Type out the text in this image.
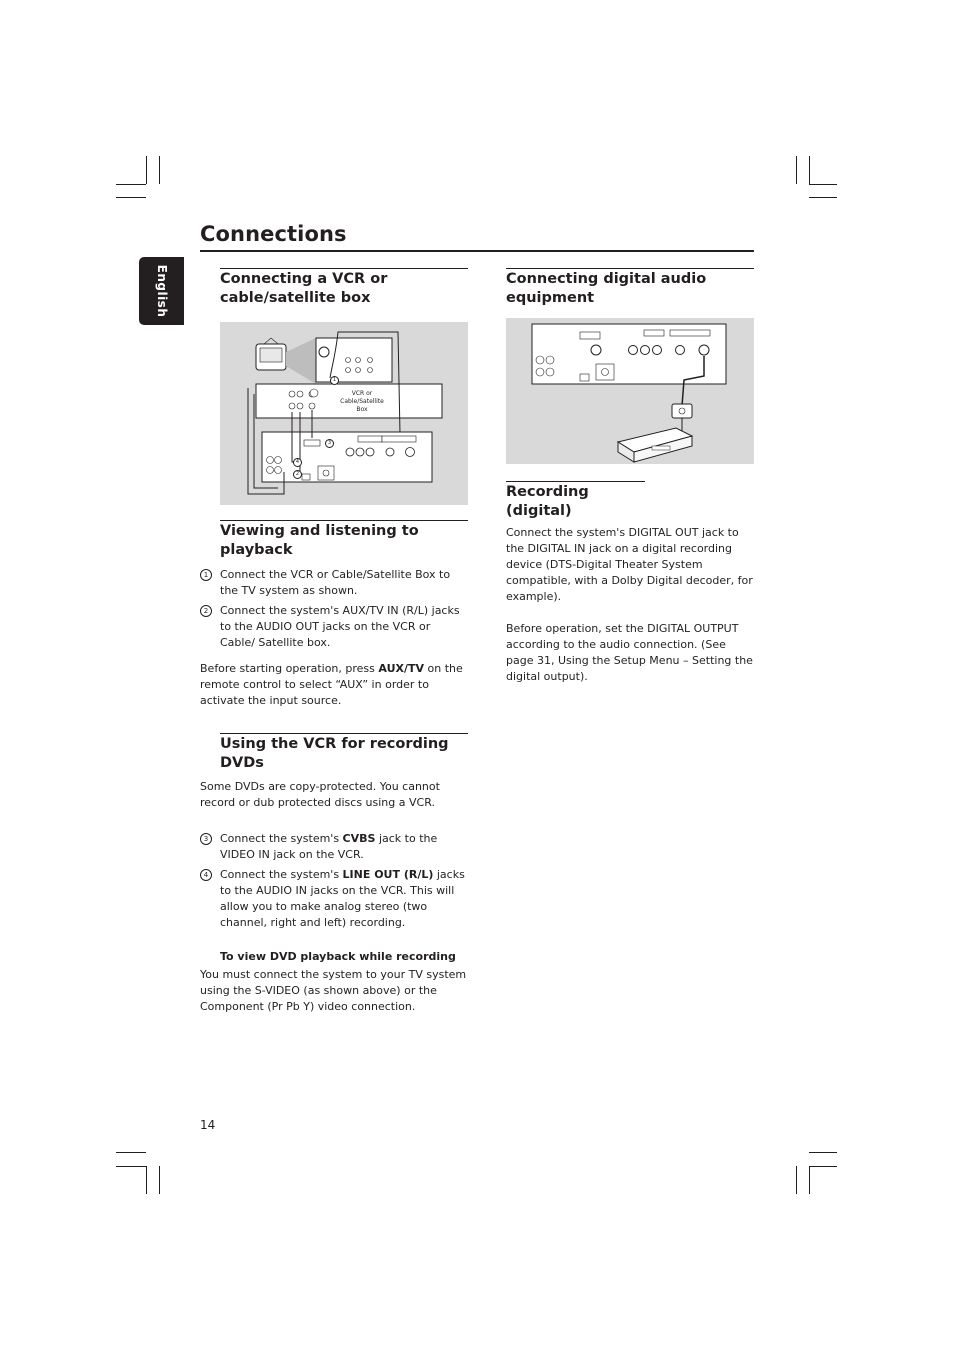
Connections
English	Connecting a VCR or cable/satellite box
VCR or Cable/Satellite Box
1
2
3
4
Viewing and listening to playback

1	Connect the VCR or Cable/Satellite Box to the TV system as shown.

2	Connect the system's AUX/TV IN (R/L) jacks to the AUDIO OUT jacks on the VCR or Cable/ Satellite box.

Before starting operation, press AUX/TV on the remote control to select “AUX” in order to activate the input source.

Using the VCR for recording DVDs

Some DVDs are copy-protected. You cannot record or dub protected discs using a VCR.

3	Connect the system's CVBS jack to the VIDEO IN jack on the VCR.

4	Connect the system's LINE OUT (R/L) jacks to the AUDIO IN jacks on the VCR. This will allow you to make analog stereo (two channel, right and left) recording.

To view DVD playback while recording

You must connect the system to your TV system using the S-VIDEO (as shown above) or the Component (Pr Pb Y) video connection.

Connecting digital audio equipment
Recording (digital)

Connect the system's DIGITAL OUT jack to the DIGITAL IN jack on a digital recording device (DTS-Digital Theater System compatible, with a Dolby Digital decoder, for example).

Before operation, set the DIGITAL OUTPUT according to the audio connection. (See page 31, Using the Setup Menu – Setting the digital output).

14
